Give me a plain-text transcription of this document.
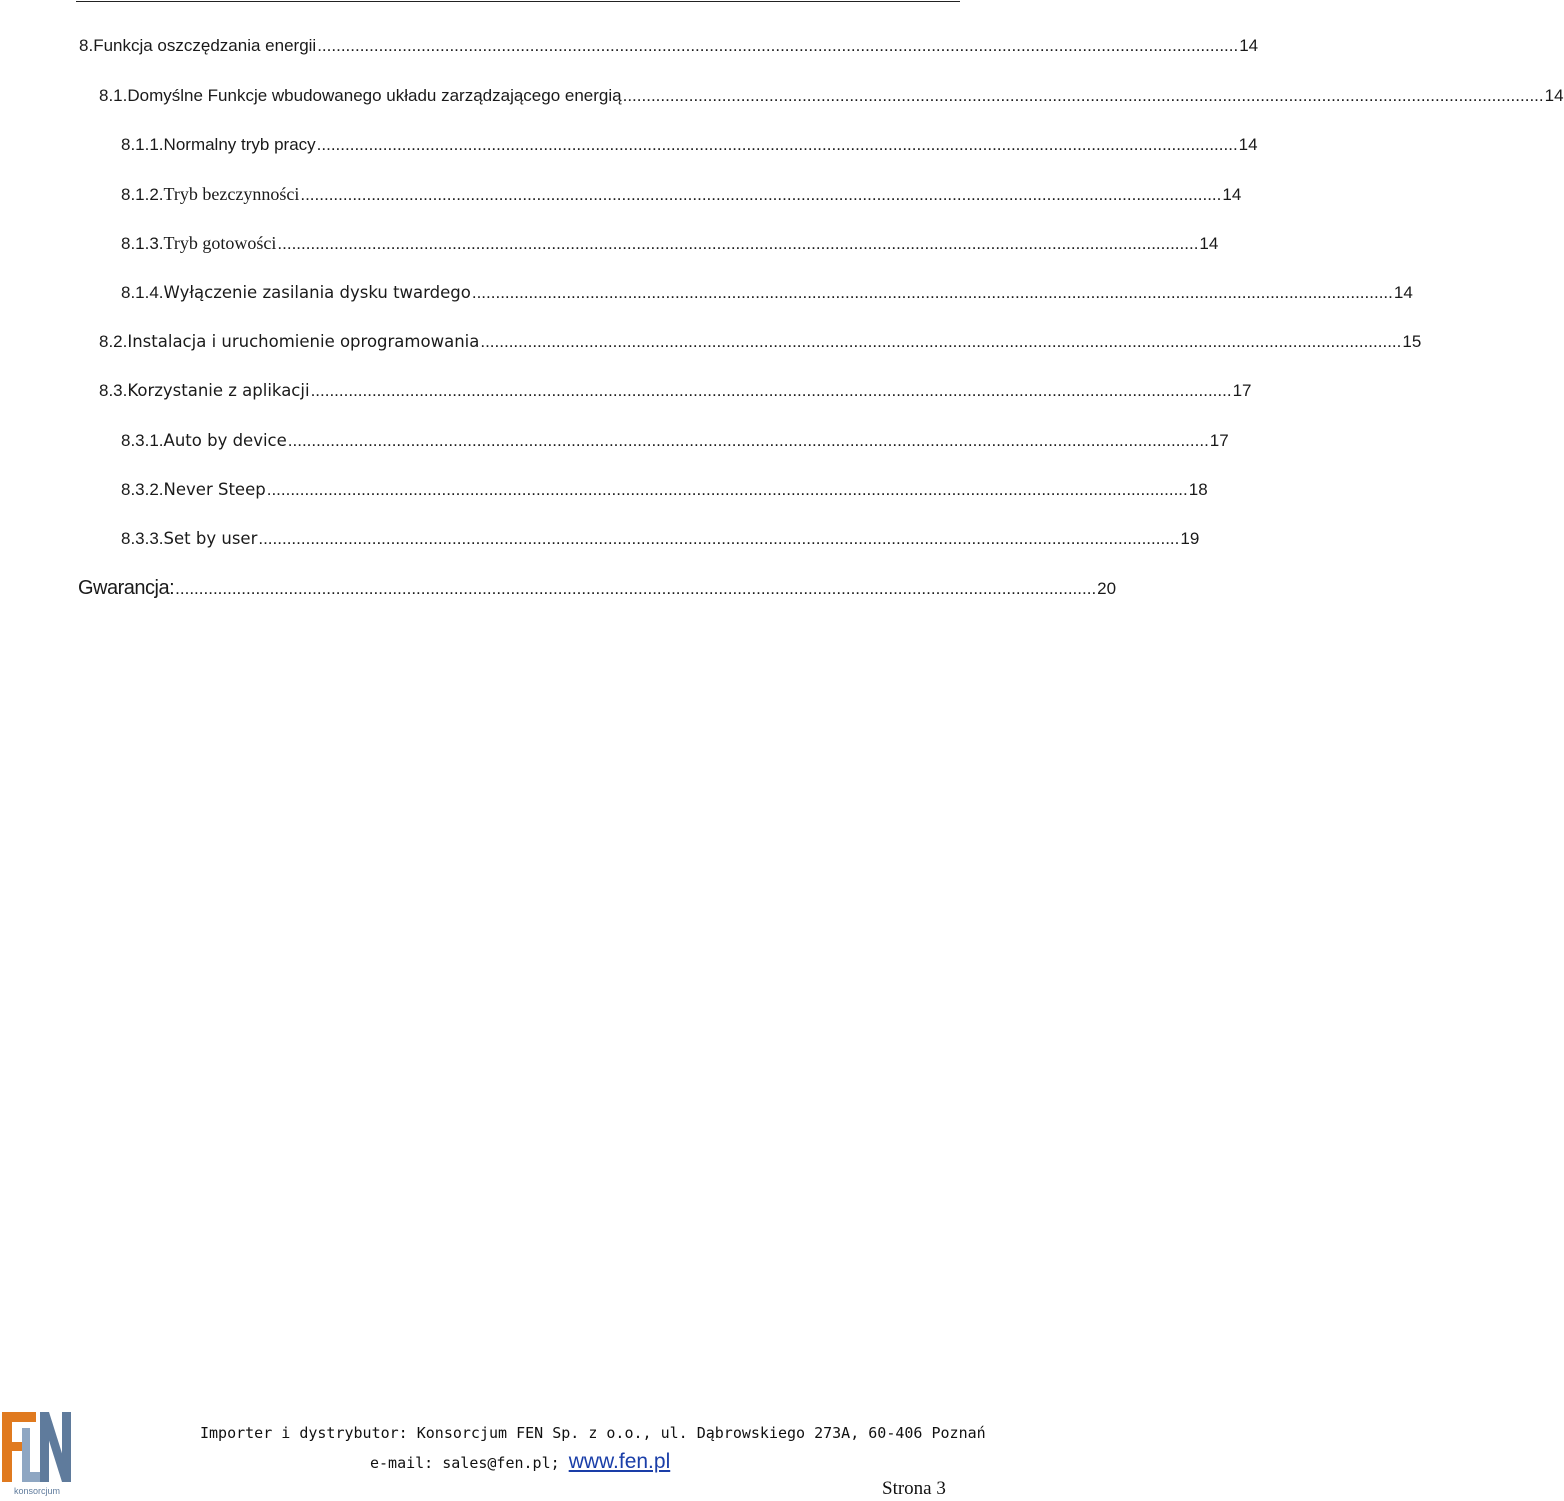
8. Funkcja oszczędzania energii ................................................................................................................................................................................................... 14
8.1. Domyślne Funkcje wbudowanego układu zarządzającego energią ................................................................................................................................................................................................... 14
8.1.1. Normalny tryb pracy ................................................................................................................................................................................................... 14
8.1.2. Tryb bezczynności ................................................................................................................................................................................................... 14
8.1.3. Tryb gotowości ................................................................................................................................................................................................... 14
8.1.4. Wyłączenie zasilania dysku twardego ................................................................................................................................................................................................... 14
8.2. Instalacja i uruchomienie oprogramowania ................................................................................................................................................................................................... 15
8.3. Korzystanie z aplikacji ................................................................................................................................................................................................... 17
8.3.1. Auto by device ................................................................................................................................................................................................... 17
8.3.2. Never Steep ................................................................................................................................................................................................... 18
8.3.3. Set by user ................................................................................................................................................................................................... 19
Gwarancja: ................................................................................................................................................................................................... 20
konsorcjum
Importer i dystrybutor: Konsorcjum FEN Sp. z o.o., ul. Dąbrowskiego 273A, 60-406 Poznań
e-mail: sales@fen.pl; www.fen.pl
Strona 3
